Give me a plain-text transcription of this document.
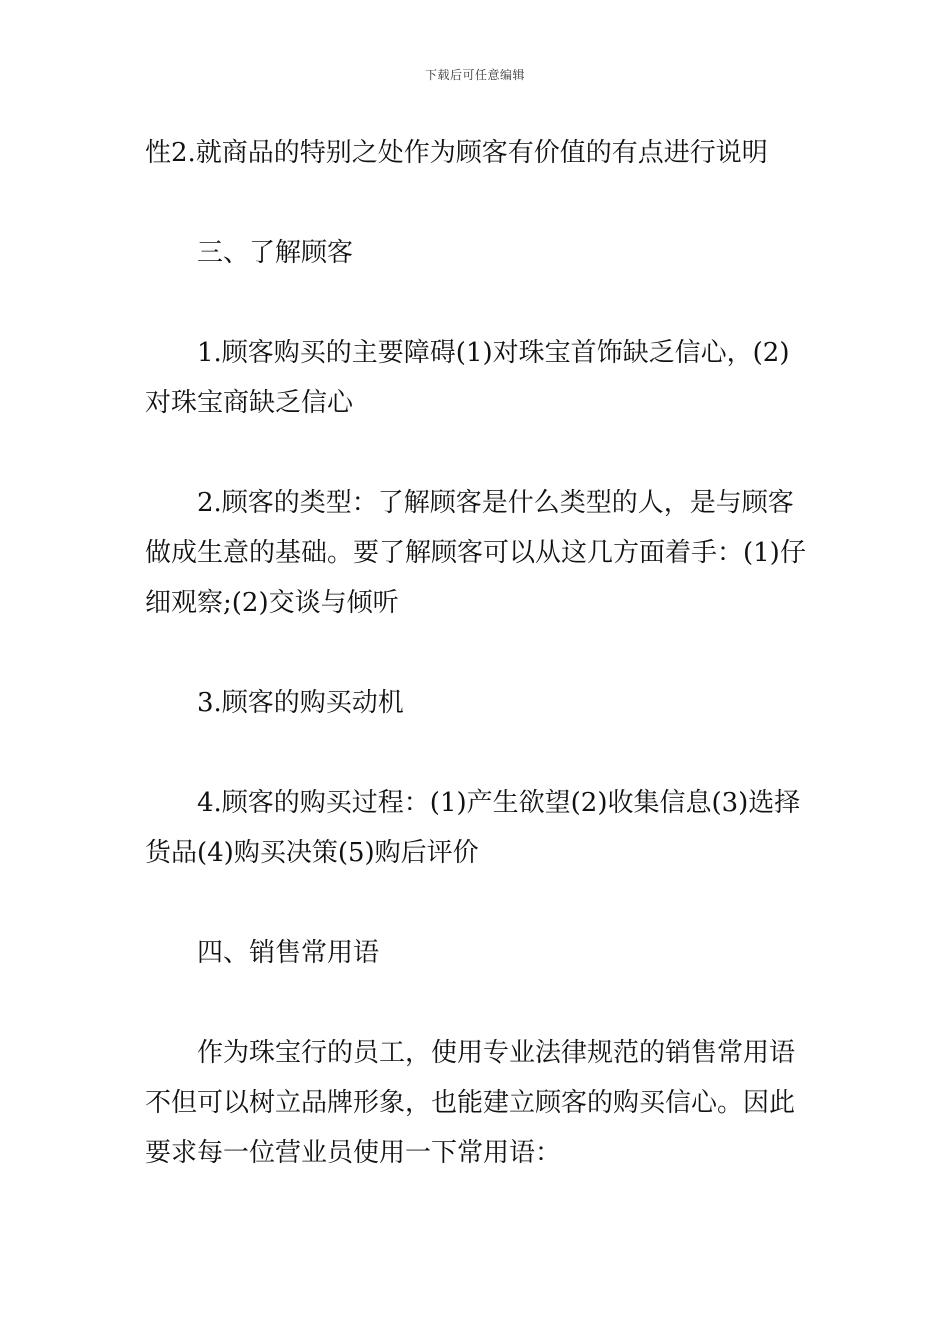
下载后可任意编辑

性2.就商品的特别之处作为顾客有价值的有点进行说明

三、了解顾客

1.顾客购买的主要障碍(1)对珠宝首饰缺乏信心，(2)对珠宝商缺乏信心

2.顾客的类型：了解顾客是什么类型的人，是与顾客做成生意的基础。要了解顾客可以从这几方面着手：(1)仔细观察;(2)交谈与倾听

3.顾客的购买动机

4.顾客的购买过程：(1)产生欲望(2)收集信息(3)选择货品(4)购买决策(5)购后评价

四、销售常用语

作为珠宝行的员工，使用专业法律规范的销售常用语不但可以树立品牌形象，也能建立顾客的购买信心。因此要求每一位营业员使用一下常用语：
